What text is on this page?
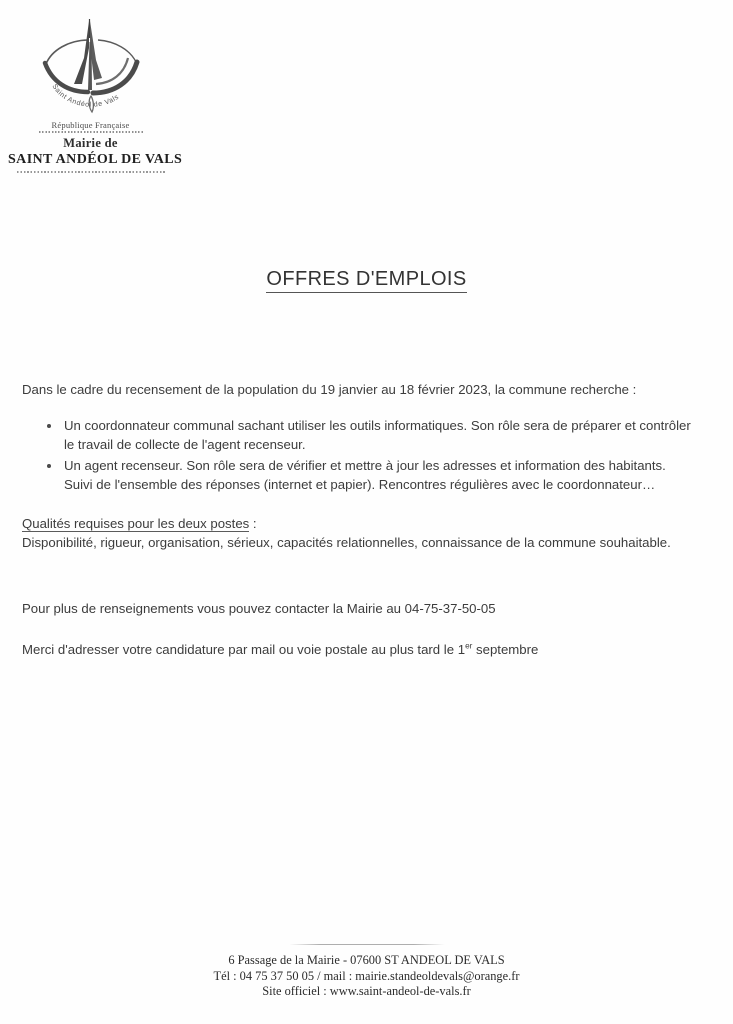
Saint Andéol de Vals
République Française
Mairie de
SAINT ANDÉOL DE VALS
OFFRES D'EMPLOIS

Dans le cadre du recensement de la population du 19 janvier au 18 février 2023, la commune recherche :

Un coordonnateur communal sachant utiliser les outils informatiques. Son rôle sera de préparer et contrôler le travail de collecte de l'agent recenseur.
Un agent recenseur. Son rôle sera de vérifier et mettre à jour les adresses et information des habitants. Suivi de l'ensemble des réponses (internet et papier). Rencontres régulières avec le coordonnateur…
Qualités requises pour les deux postes :
Disponibilité, rigueur, organisation, sérieux, capacités relationnelles, connaissance de la commune souhaitable.

Pour plus de renseignements vous pouvez contacter la Mairie au 04-75-37-50-05

Merci d'adresser votre candidature par mail ou voie postale au plus tard le 1er septembre

6 Passage de la Mairie - 07600 ST ANDEOL DE VALS
Tél : 04 75 37 50 05 / mail : mairie.standeoldevals@orange.fr
Site officiel : www.saint-andeol-de-vals.fr
